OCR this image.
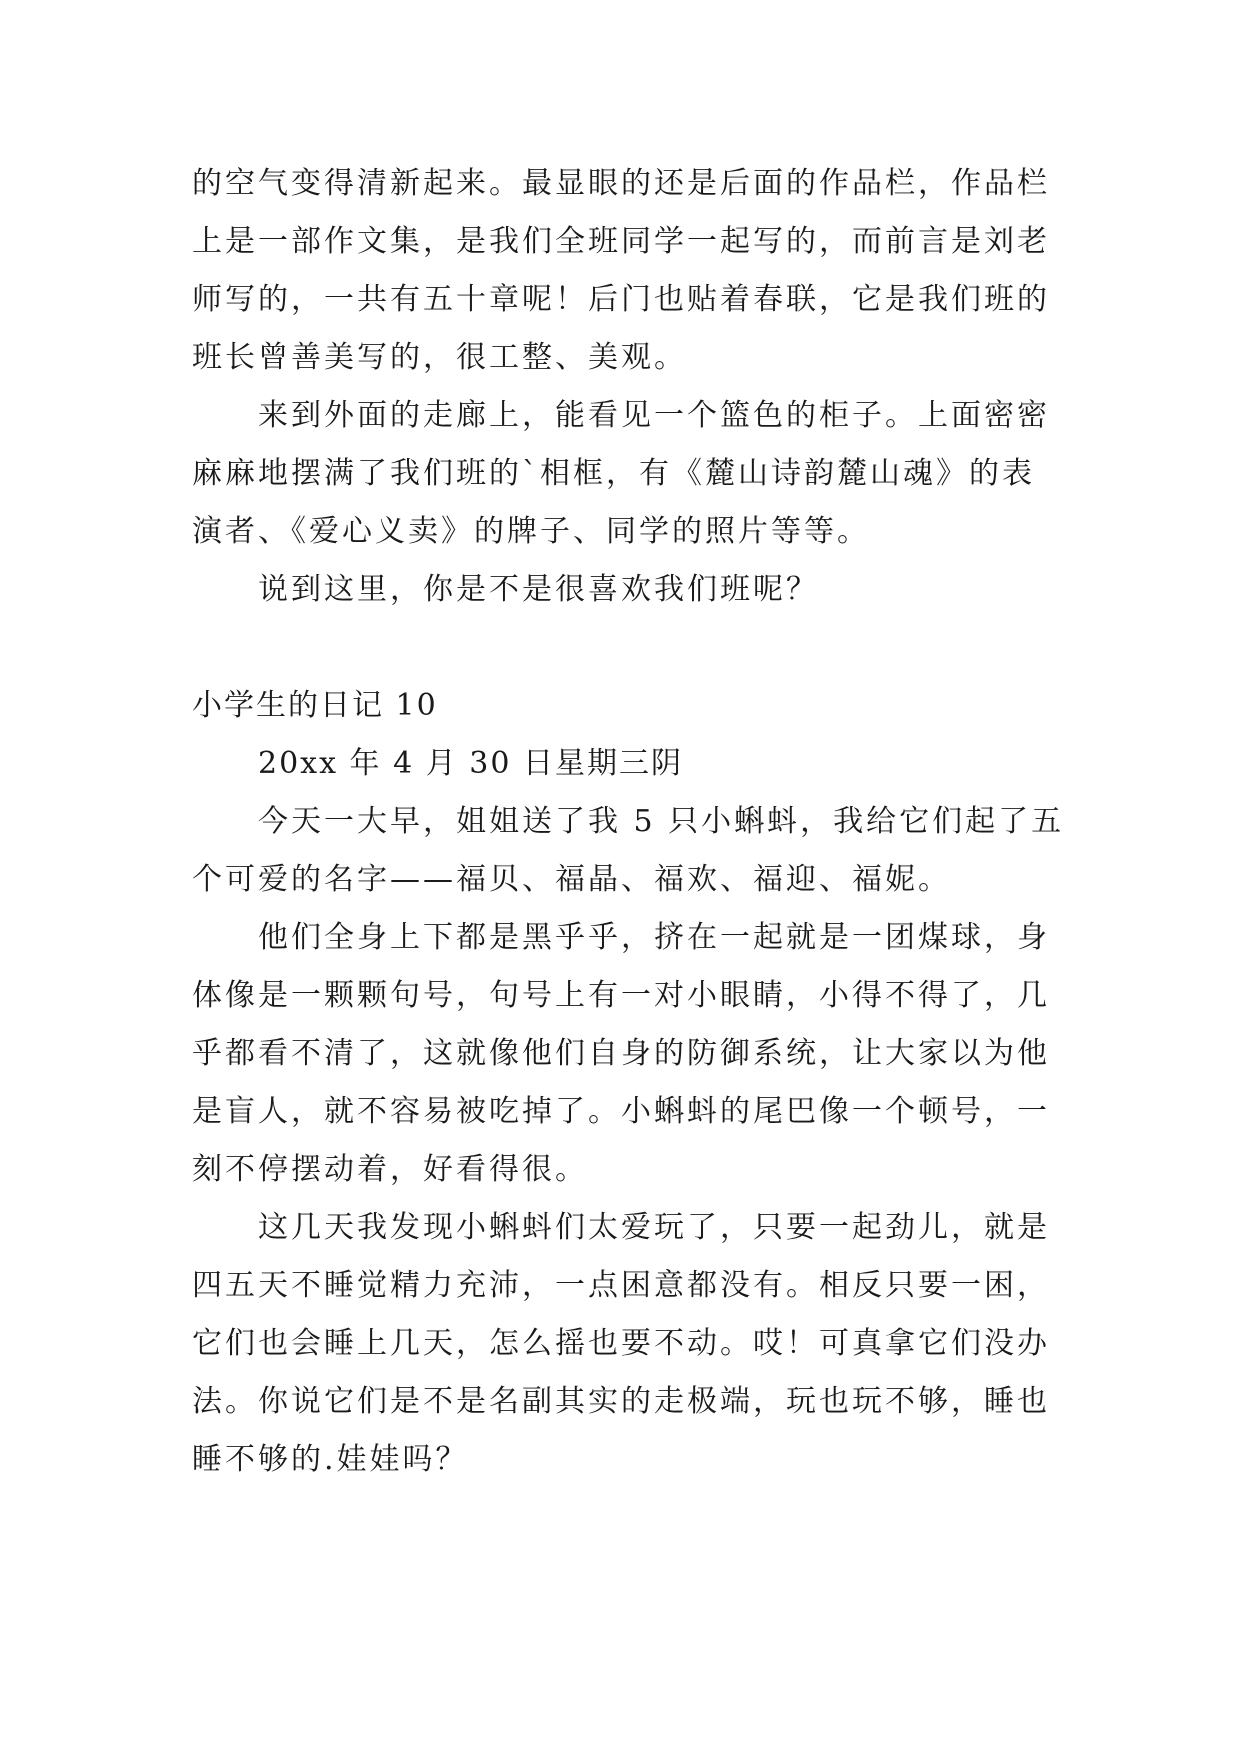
的空气变得清新起来。最显眼的还是后面的作品栏，作品栏
上是一部作文集，是我们全班同学一起写的，而前言是刘老
师写的，一共有五十章呢！后门也贴着春联，它是我们班的
班长曾善美写的，很工整、美观。
来到外面的走廊上，能看见一个篮色的柜子。上面密密
麻麻地摆满了我们班的`相框，有《麓山诗韵麓山魂》的表
演者、《爱心义卖》的牌子、同学的照片等等。
说到这里，你是不是很喜欢我们班呢？
小学生的日记 10
20xx 年 4 月 30 日星期三阴
今天一大早，姐姐送了我 5 只小蝌蚪，我给它们起了五
个可爱的名字——福贝、福晶、福欢、福迎、福妮。
他们全身上下都是黑乎乎，挤在一起就是一团煤球，身
体像是一颗颗句号，句号上有一对小眼睛，小得不得了，几
乎都看不清了，这就像他们自身的防御系统，让大家以为他
是盲人，就不容易被吃掉了。小蝌蚪的尾巴像一个顿号，一
刻不停摆动着，好看得很。
这几天我发现小蝌蚪们太爱玩了，只要一起劲儿，就是
四五天不睡觉精力充沛，一点困意都没有。相反只要一困，
它们也会睡上几天，怎么摇也要不动。哎！可真拿它们没办
法。你说它们是不是名副其实的走极端，玩也玩不够，睡也
睡不够的.娃娃吗？
